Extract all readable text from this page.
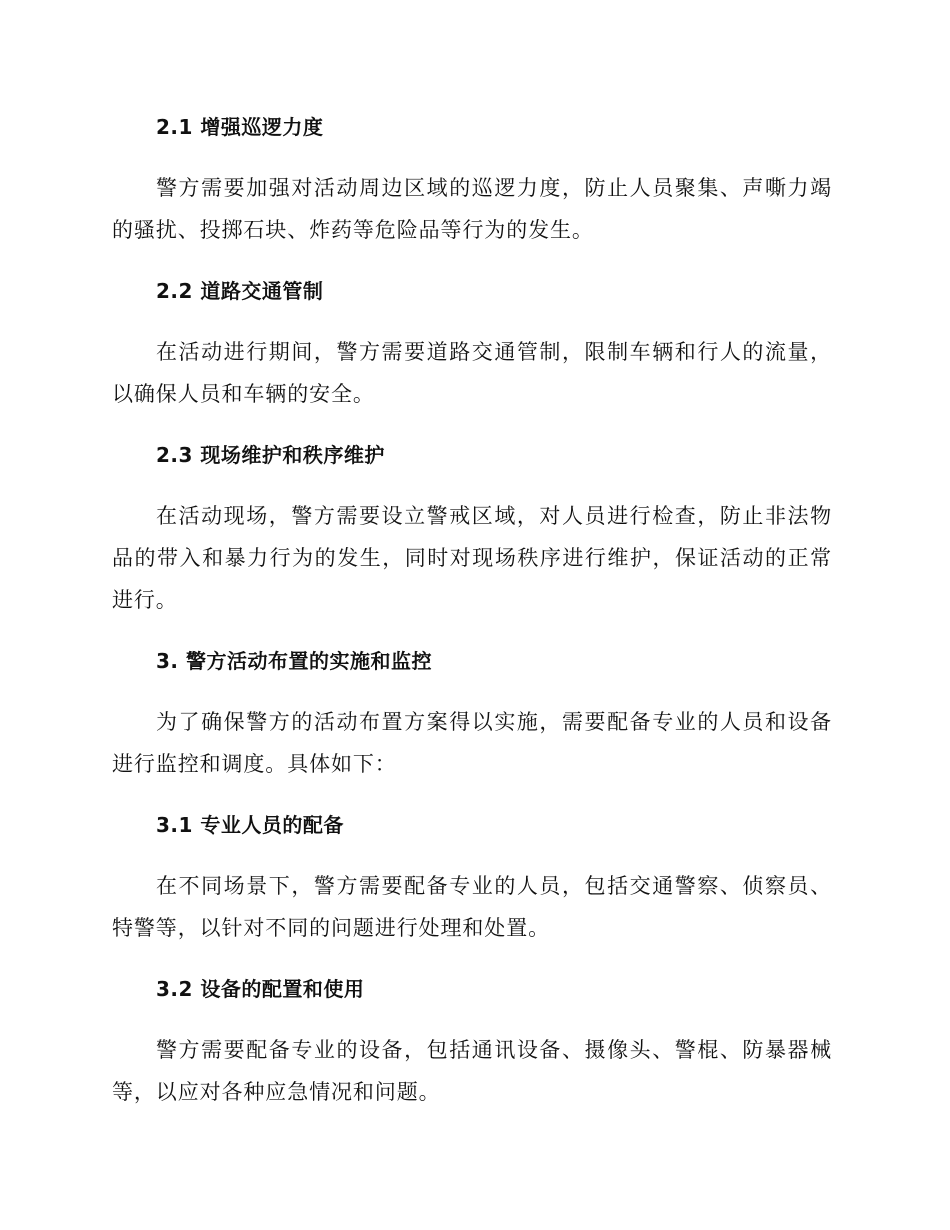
2.1 增强巡逻力度

警方需要加强对活动周边区域的巡逻力度，防止人员聚集、声嘶力竭的骚扰、投掷石块、炸药等危险品等行为的发生。

2.2 道路交通管制

在活动进行期间，警方需要道路交通管制，限制车辆和行人的流量，以确保人员和车辆的安全。

2.3 现场维护和秩序维护

在活动现场，警方需要设立警戒区域，对人员进行检查，防止非法物品的带入和暴力行为的发生，同时对现场秩序进行维护，保证活动的正常进行。

3. 警方活动布置的实施和监控

为了确保警方的活动布置方案得以实施，需要配备专业的人员和设备进行监控和调度。具体如下：

3.1 专业人员的配备

在不同场景下，警方需要配备专业的人员，包括交通警察、侦察员、特警等，以针对不同的问题进行处理和处置。

3.2 设备的配置和使用

警方需要配备专业的设备，包括通讯设备、摄像头、警棍、防暴器械等，以应对各种应急情况和问题。
